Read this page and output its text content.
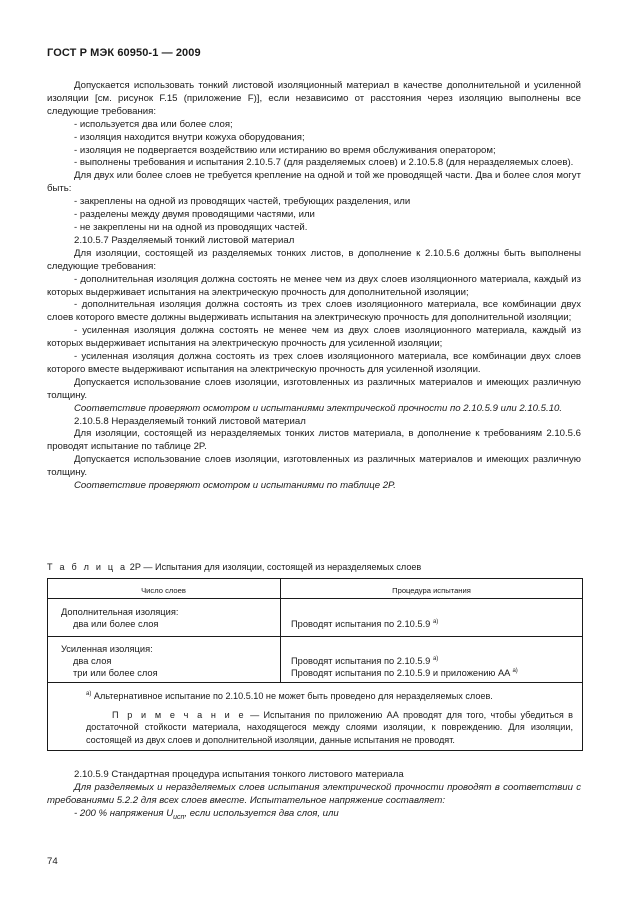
ГОСТ Р МЭК 60950-1 — 2009

Допускается использовать тонкий листовой изоляционный материал в качестве дополнительной и усиленной изоляции [см. рисунок F.15 (приложение F)], если независимо от расстояния через изоляцию выполнены все следующие требования:

- используется два или более слоя;

- изоляция находится внутри кожуха оборудования;

- изоляция не подвергается воздействию или истиранию во время обслуживания оператором;

- выполнены требования и испытания 2.10.5.7 (для разделяемых слоев) и 2.10.5.8 (для неразделяемых слоев).

Для двух или более слоев не требуется крепление на одной и той же проводящей части. Два и более слоя могут быть:

- закреплены на одной из проводящих частей, требующих разделения, или

- разделены между двумя проводящими частями, или

- не закреплены ни на одной из проводящих частей.

2.10.5.7 Разделяемый тонкий листовой материал

Для изоляции, состоящей из разделяемых тонких листов, в дополнение к 2.10.5.6 должны быть выполнены следующие требования:

- дополнительная изоляция должна состоять не менее чем из двух слоев изоляционного материала, каждый из которых выдерживает испытания на электрическую прочность для дополнительной изоляции;

- дополнительная изоляция должна состоять из трех слоев изоляционного материала, все комбинации двух слоев которого вместе должны выдерживать испытания на электрическую прочность для дополнительной изоляции;

- усиленная изоляция должна состоять не менее чем из двух слоев изоляционного материала, каждый из которых выдерживает испытания на электрическую прочность для усиленной изоляции;

- усиленная изоляция должна состоять из трех слоев изоляционного материала, все комбинации двух слоев которого вместе выдерживают испытания на электрическую прочность для усиленной изоляции.

Допускается использование слоев изоляции, изготовленных из различных материалов и имеющих различную толщину.

Соответствие проверяют осмотром и испытаниями электрической прочности по 2.10.5.9 или 2.10.5.10.

2.10.5.8 Неразделяемый тонкий листовой материал

Для изоляции, состоящей из неразделяемых тонких листов материала, в дополнение к требованиям 2.10.5.6 проводят испытание по таблице 2P.

Допускается использование слоев изоляции, изготовленных из различных материалов и имеющих различную толщину.

Соответствие проверяют осмотром и испытаниями по таблице 2P.

Т а б л и ц а 2Р — Испытания для изоляции, состоящей из неразделяемых слоев
Число слоев	Процедура испытания
Дополнительная изоляция:
два или более слоя	Проводят испытания по 2.10.5.9 $^{a)}$
Усиленная изоляция:
два слоя	Проводят испытания по 2.10.5.9 $^{a)}$
три или более слоя	Проводят испытания по 2.10.5.9 и приложению AA $^{a)}$
$^{a)}$ Альтернативное испытание по 2.10.5.10 не может быть проведено для неразделяемых слоев.

П р и м е ч а н и е — Испытания по приложению АА проводят для того, чтобы убедиться в достаточной стойкости материала, находящегося между слоями изоляции, к повреждению. Для изоляции, состоящей из двух слоев и дополнительной изоляции, данные испытания не проводят.

2.10.5.9 Стандартная процедура испытания тонкого листового материала

Для разделяемых и неразделяемых слоев испытания электрической прочности проводят в соответствии с требованиями 5.2.2 для всех слоев вместе. Испытательное напряжение составляет:

- 200 % напряжения $U_{исп}$, если используется два слоя, или

74
